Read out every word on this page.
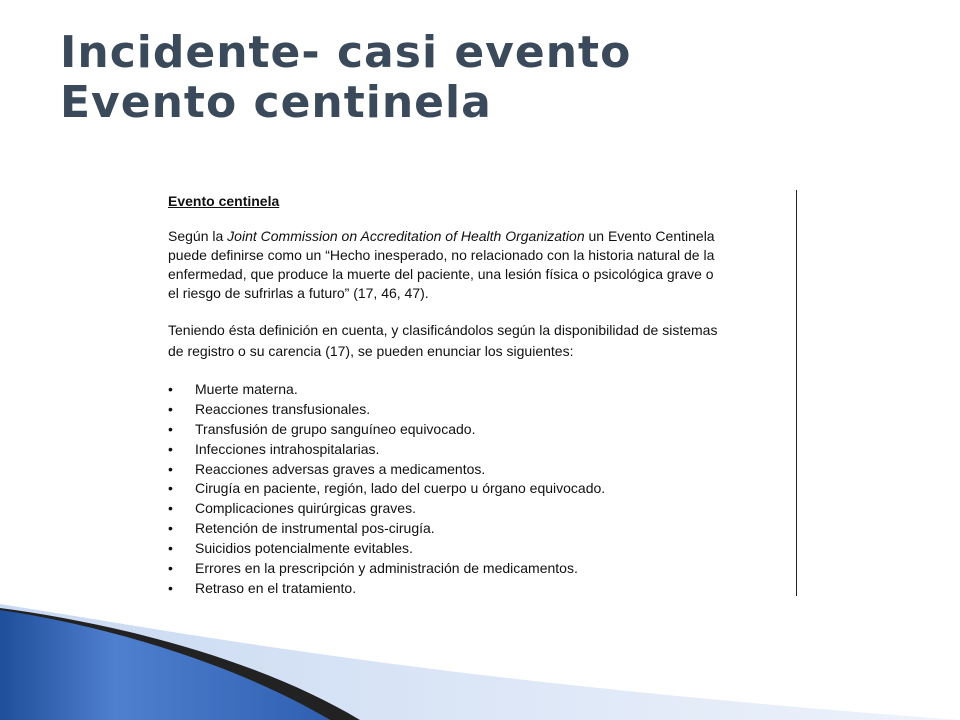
Incidente- casi evento
Evento centinela

Evento centinela

Según la Joint Commission on Accreditation of Health Organization un Evento Centinela puede definirse como un “Hecho inesperado, no relacionado con la historia natural de la enfermedad, que produce la muerte del paciente, una lesión física o psicológica grave o el riesgo de sufrirlas a futuro” (17, 46, 47).

Teniendo ésta definición en cuenta, y clasificándolos según la disponibilidad de sistemas de registro o su carencia (17), se pueden enunciar los siguientes:

• Muerte materna.
• Reacciones transfusionales.
• Transfusión de grupo sanguíneo equivocado.
• Infecciones intrahospitalarias.
• Reacciones adversas graves a medicamentos.
• Cirugía en paciente, región, lado del cuerpo u órgano equivocado.
• Complicaciones quirúrgicas graves.
• Retención de instrumental pos-cirugía.
• Suicidios potencialmente evitables.
• Errores en la prescripción y administración de medicamentos.
• Retraso en el tratamiento.
